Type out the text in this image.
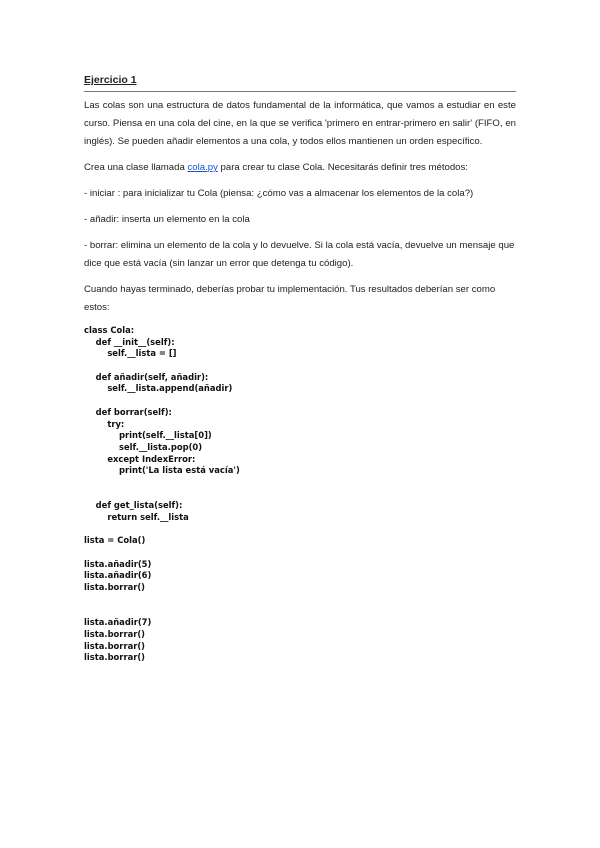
Ejercicio 1

Las colas son una estructura de datos fundamental de la informática, que vamos a estudiar en este curso. Piensa en una cola del cine, en la que se verifica 'primero en entrar-primero en salir' (FIFO, en inglés). Se pueden añadir elementos a una cola, y todos ellos mantienen un orden específico.

Crea una clase llamada cola.py para crear tu clase Cola. Necesitarás definir tres métodos:

- iniciar : para inicializar tu Cola (piensa: ¿cómo vas a almacenar los elementos de la cola?)

- añadir: inserta un elemento en la cola

- borrar: elimina un elemento de la cola y lo devuelve. Si la cola está vacía, devuelve un mensaje que dice que está vacía (sin lanzar un error que detenga tu código).

Cuando hayas terminado, deberías probar tu implementación. Tus resultados deberían ser como estos:

class Cola:
def __init__(self):
self.__lista = []
def añadir(self, añadir):
self.__lista.append(añadir)
def borrar(self):
try:
print(self.__lista[0])
self.__lista.pop(0)
except IndexError:
print('La lista está vacía')
def get_lista(self):
return self.__lista
lista = Cola()
lista.añadir(5)
lista.añadir(6)
lista.borrar()
lista.añadir(7)
lista.borrar()
lista.borrar()
lista.borrar()
